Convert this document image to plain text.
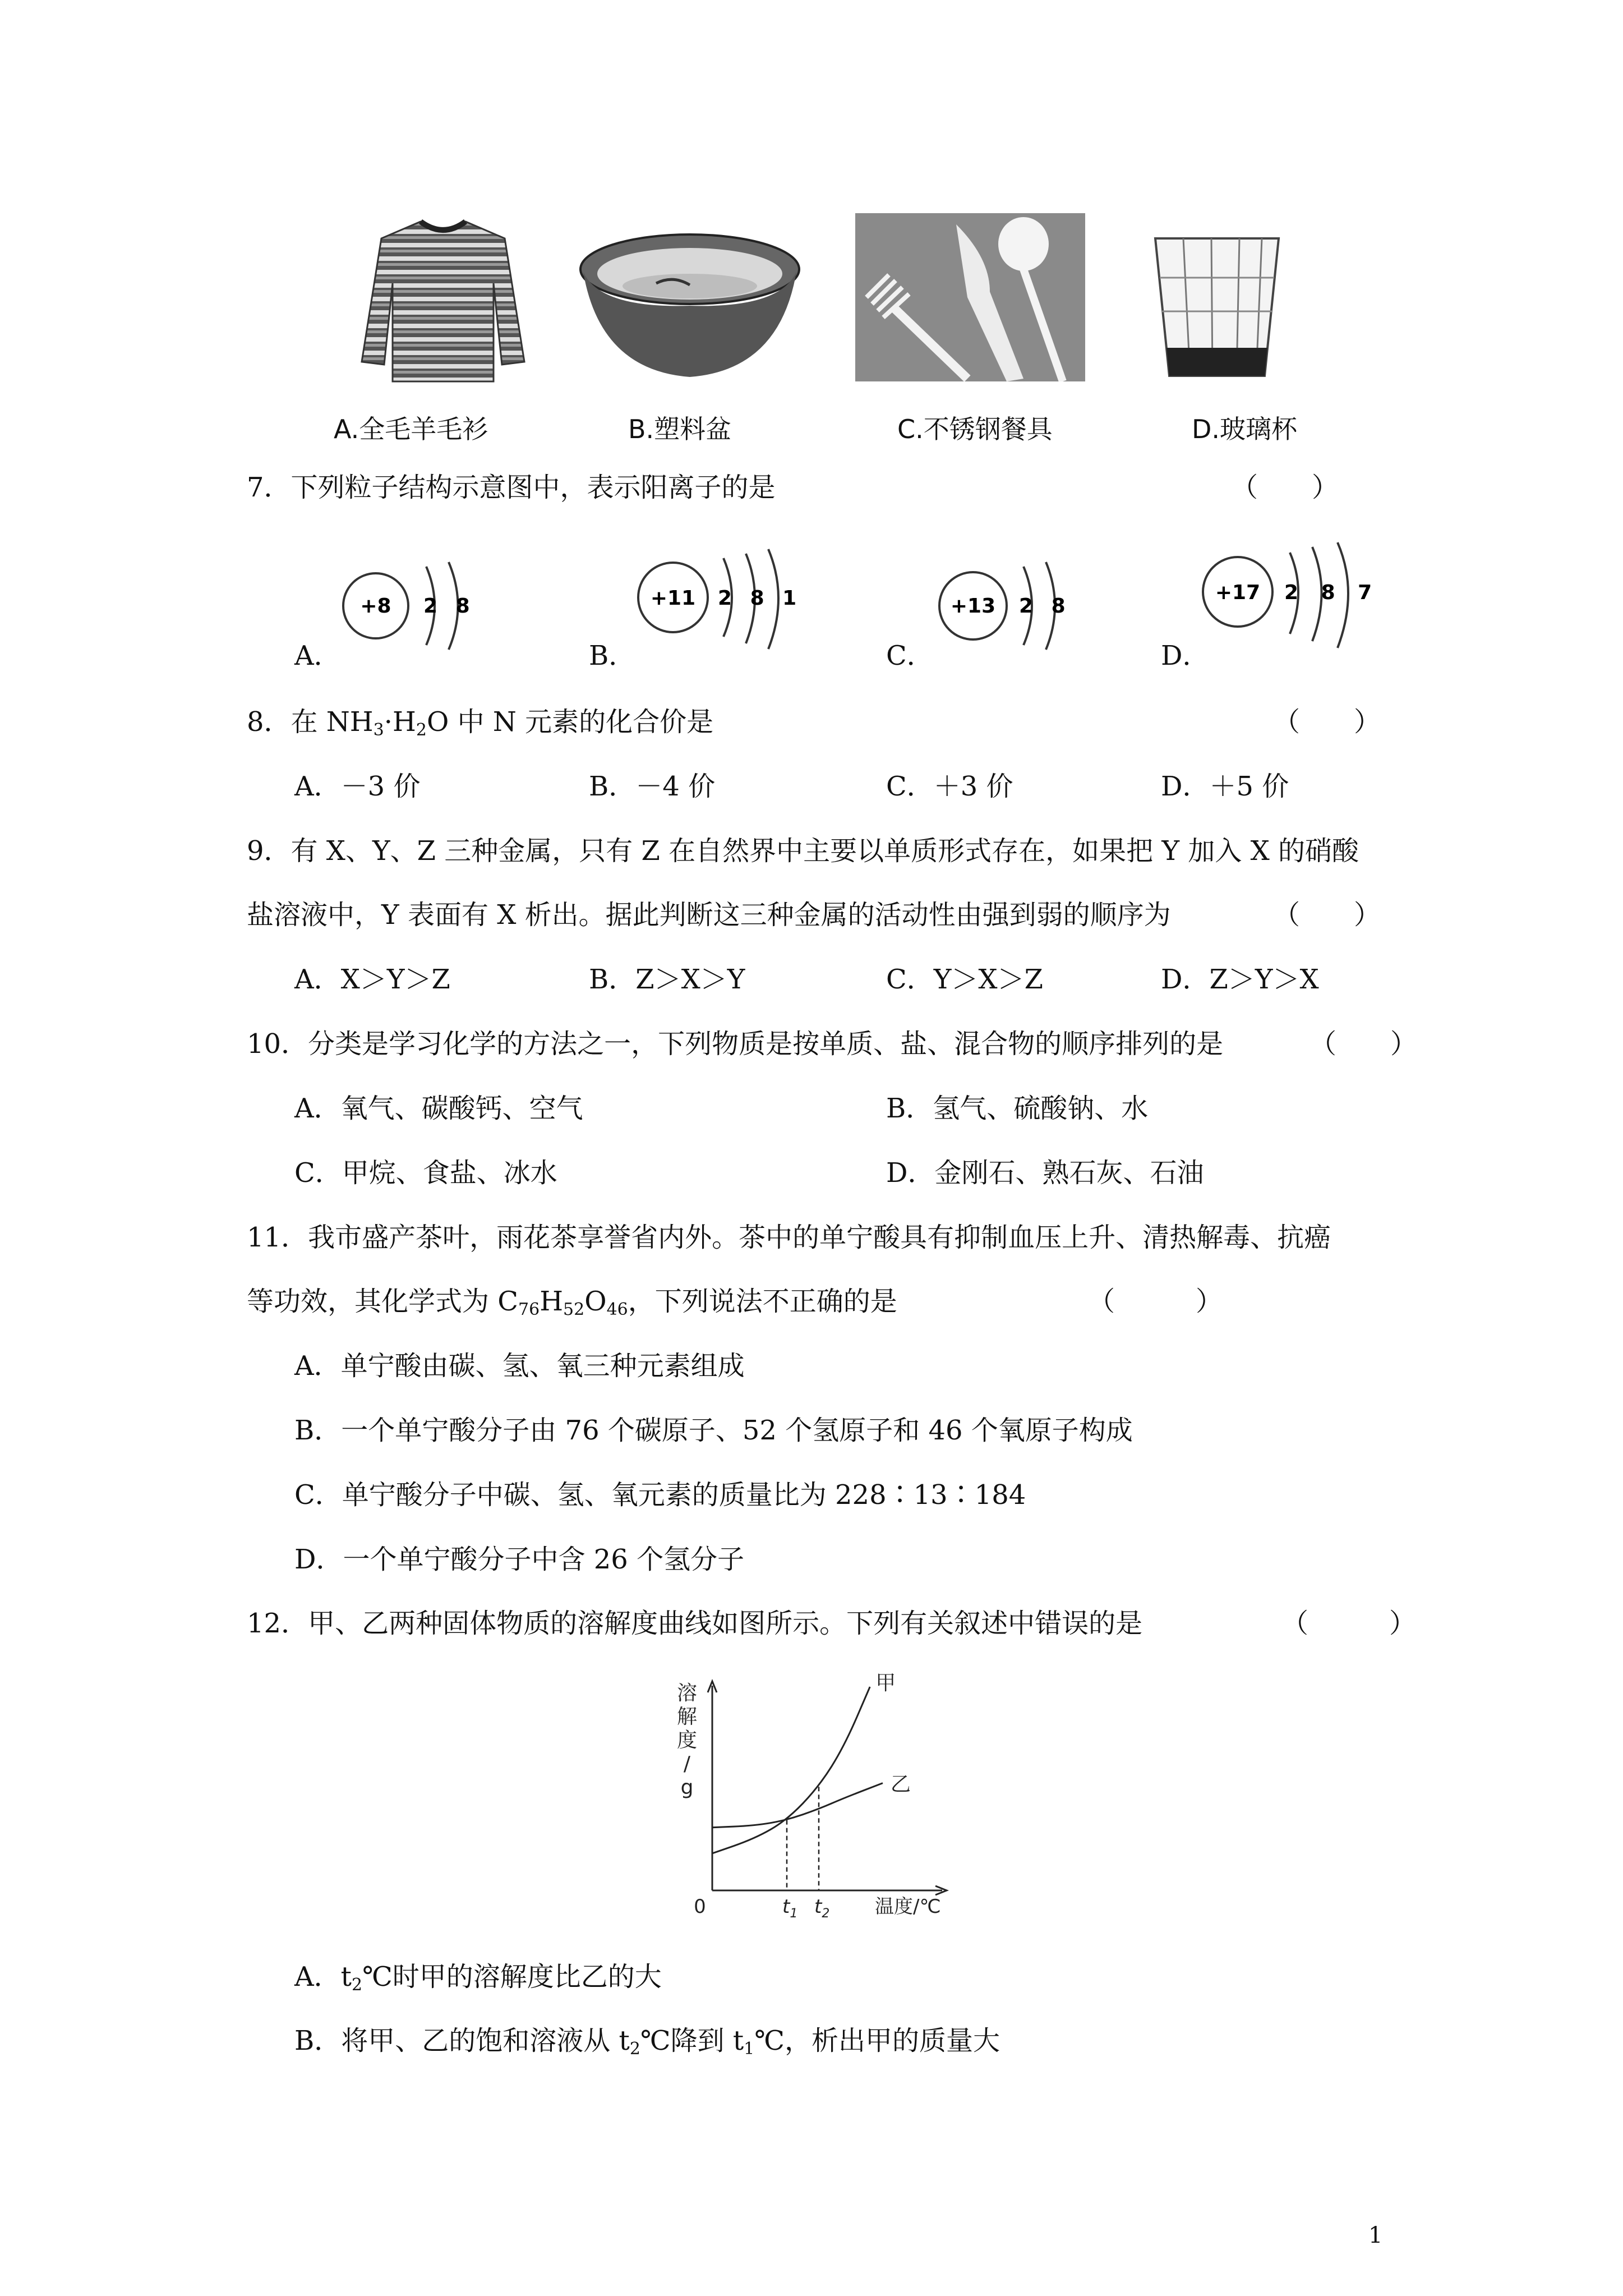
A.全毛羊毛衫	B.塑料盆	C.不锈钢餐具	D.玻璃杯
7．下列粒子结构示意图中，表示阳离子的是	（　　）
A．
+8 2 8
B．
+11 2 8 1
C．
+13 2 8
D．
+17 2 8 7
8．在 $NH_3\cdot H_2O$ 中 N 元素的化合价是	（　　）
A．－3 价	B．－4 价	C．＋3 价	D．＋5 价
9．有 X、Y、Z 三种金属，只有 Z 在自然界中主要以单质形式存在，如果把 Y 加入 X 的硝酸
盐溶液中，Y 表面有 X 析出。据此判断这三种金属的活动性由强到弱的顺序为	（　　）
A．X＞Y＞Z	B．Z＞X＞Y	C．Y＞X＞Z	D．Z＞Y＞X
10．分类是学习化学的方法之一，下列物质是按单质、盐、混合物的顺序排列的是	（　　）
A．氧气、碳酸钙、空气	B．氢气、硫酸钠、水
C．甲烷、食盐、冰水	D．金刚石、熟石灰、石油
11．我市盛产茶叶，雨花茶享誉省内外。茶中的单宁酸具有抑制血压上升、清热解毒、抗癌
等功效，其化学式为 $C_{76}H_{52}O_{46}$，下列说法不正确的是	（　　　）
A．单宁酸由碳、氢、氧三种元素组成
B．一个单宁酸分子由 76 个碳原子、52 个氢原子和 46 个氧原子构成
C．单宁酸分子中碳、氢、氧元素的质量比为 228∶13∶184
D．一个单宁酸分子中含 26 个氢分子
12．甲、乙两种固体物质的溶解度曲线如图所示。下列有关叙述中错误的是	（　　　）
溶
解
度
/
g
0
甲
乙
$t_1$ $t_2$ 温度/℃
A．$t_2℃$时甲的溶解度比乙的大
B．将甲、乙的饱和溶液从 $t_2℃$降到 $t_1℃$，析出甲的质量大
1
